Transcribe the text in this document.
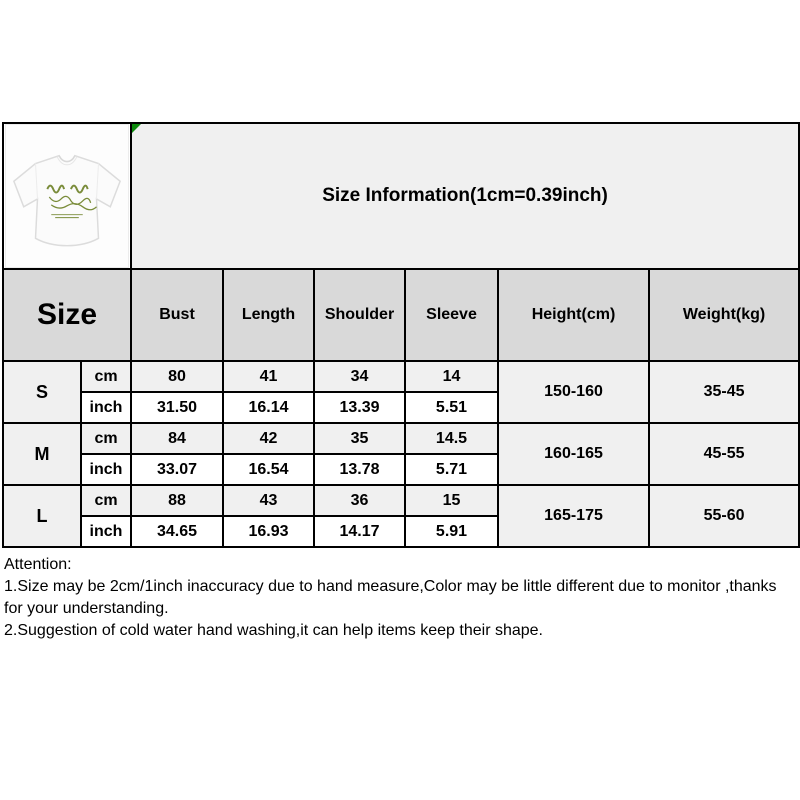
Size Information(1cm=0.39inch)					
Size		Bust	Length	Shoulder	Sleeve	Height(cm)	Weight(kg)
S	cm	80	41	34	14	150-160	35-45
	inch	31.50	16.14	13.39	5.51		
M	cm	84	42	35	14.5	160-165	45-55
	inch	33.07	16.54	13.78	5.71		
L	cm	88	43	36	15	165-175	55-60
	inch	34.65	16.93	14.17	5.91		
Attention:
1.Size may be 2cm/1inch inaccuracy due to hand measure,Color may be little different due to monitor ,thanks
for your understanding.
2.Suggestion of cold water hand washing,it can help items keep their shape.
